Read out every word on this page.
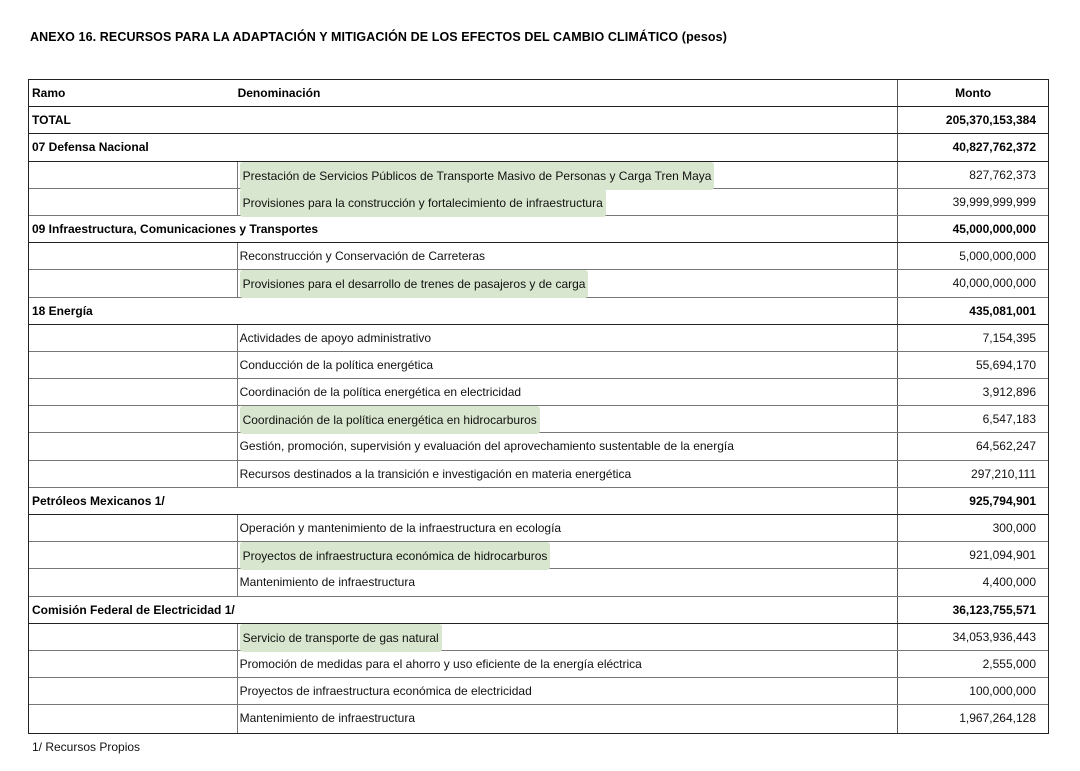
ANEXO 16. RECURSOS PARA LA ADAPTACIÓN Y MITIGACIÓN DE LOS EFECTOS DEL CAMBIO CLIMÁTICO (pesos)
Ramo	Denominación	Monto
TOTAL	205,370,153,384
07 Defensa Nacional	40,827,762,372
Prestación de Servicios Públicos de Transporte Masivo de Personas y Carga Tren Maya	827,762,373
Provisiones para la construcción y fortalecimiento de infraestructura	39,999,999,999
09 Infraestructura, Comunicaciones y Transportes	45,000,000,000
Reconstrucción y Conservación de Carreteras	5,000,000,000
Provisiones para el desarrollo de trenes de pasajeros y de carga	40,000,000,000
18 Energía	435,081,001
Actividades de apoyo administrativo	7,154,395
Conducción de la política energética	55,694,170
Coordinación de la política energética en electricidad	3,912,896
Coordinación de la política energética en hidrocarburos	6,547,183
Gestión, promoción, supervisión y evaluación del aprovechamiento sustentable de la energía	64,562,247
Recursos destinados a la transición e investigación en materia energética	297,210,111
Petróleos Mexicanos 1/	925,794,901
Operación y mantenimiento de la infraestructura en ecología	300,000
Proyectos de infraestructura económica de hidrocarburos	921,094,901
Mantenimiento de infraestructura	4,400,000
Comisión Federal de Electricidad 1/	36,123,755,571
Servicio de transporte de gas natural	34,053,936,443
Promoción de medidas para el ahorro y uso eficiente de la energía eléctrica	2,555,000
Proyectos de infraestructura económica de electricidad	100,000,000
Mantenimiento de infraestructura	1,967,264,128
1/ Recursos Propios
